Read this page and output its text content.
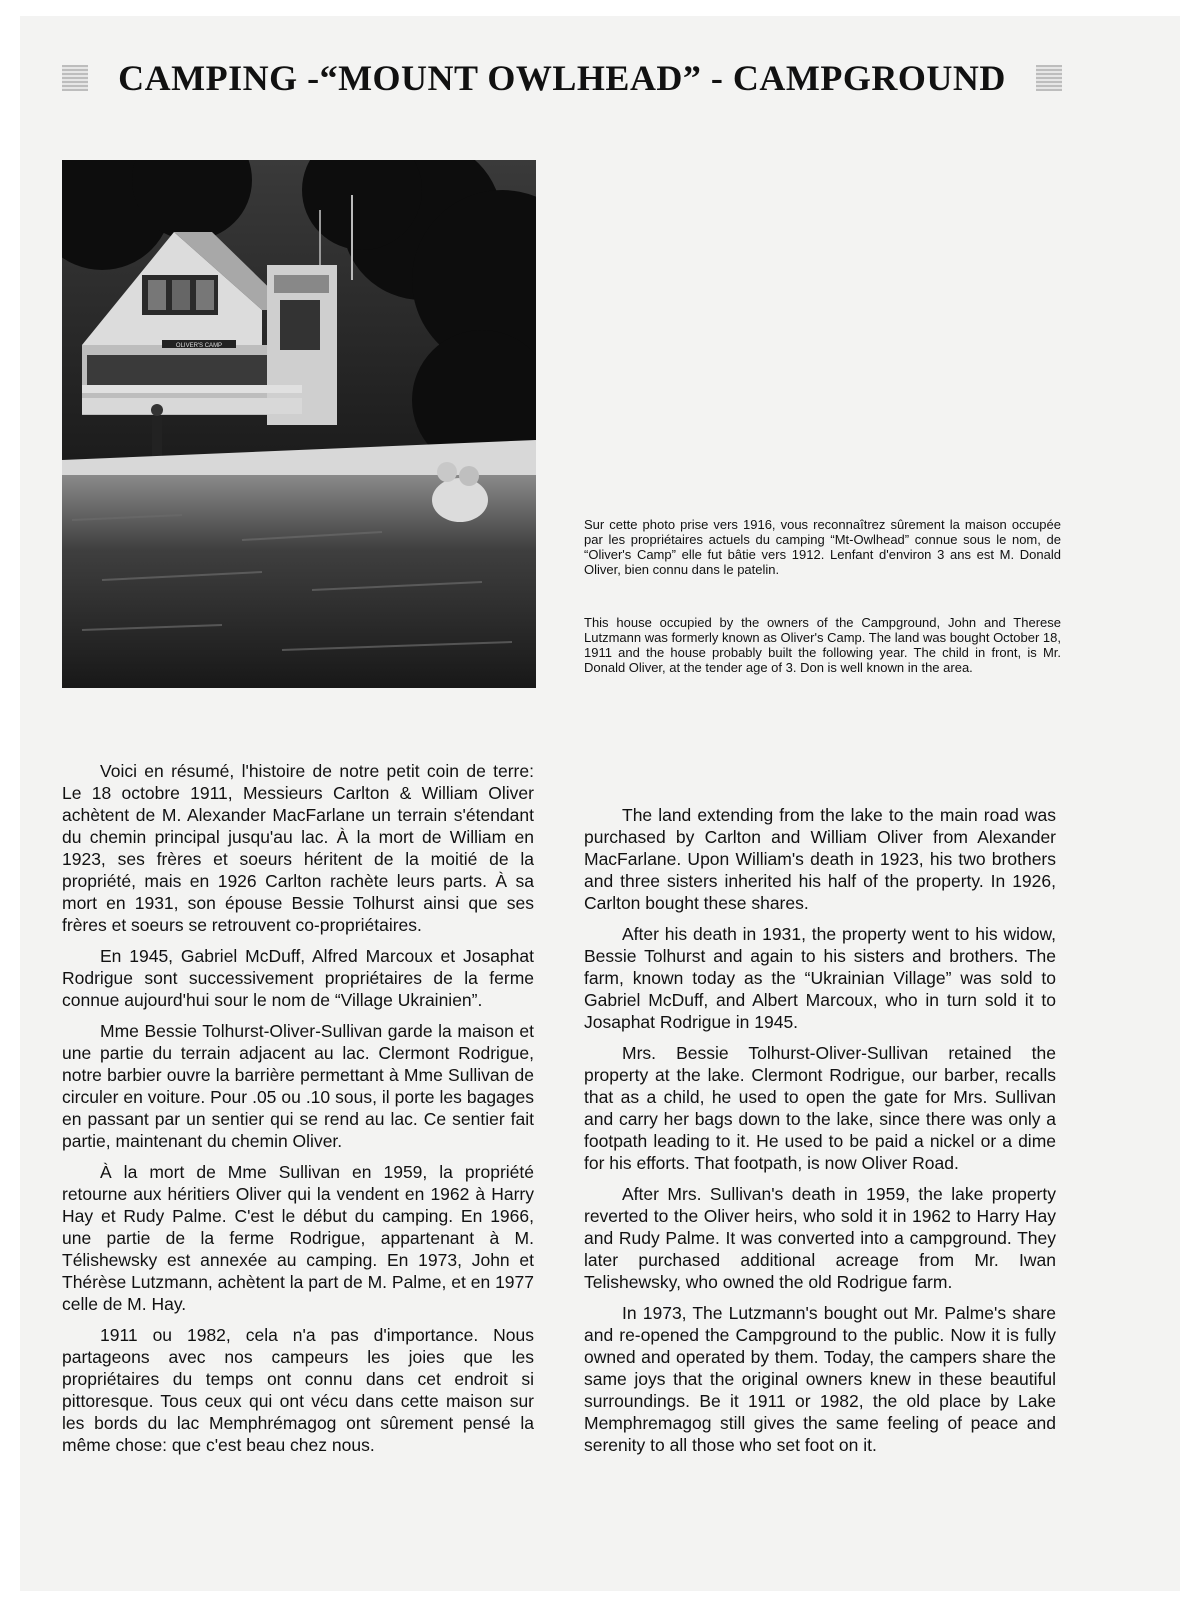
CAMPING -“MOUNT OWLHEAD” - CAMPGROUND
OLIVER'S CAMP
Sur cette photo prise vers 1916, vous reconnaîtrez sûrement la maison occupée par les propriétaires actuels du camping “Mt-Owlhead” connue sous le nom, de “Oliver's Camp” elle fut bâtie vers 1912. Lenfant d'environ 3 ans est M. Donald Oliver, bien connu dans le patelin.
This house occupied by the owners of the Campground, John and Therese Lutzmann was formerly known as Oliver's Camp. The land was bought October 18, 1911 and the house probably built the following year. The child in front, is Mr. Donald Oliver, at the tender age of 3. Don is well known in the area.

Voici en résumé, l'histoire de notre petit coin de terre: Le 18 octobre 1911, Messieurs Carlton & William Oliver achètent de M. Alexander MacFarlane un terrain s'étendant du chemin principal jusqu'au lac. À la mort de William en 1923, ses frères et soeurs héritent de la moitié de la propriété, mais en 1926 Carlton rachète leurs parts. À sa mort en 1931, son épouse Bessie Tolhurst ainsi que ses frères et soeurs se retrouvent co-propriétaires.

En 1945, Gabriel McDuff, Alfred Marcoux et Josaphat Rodrigue sont successivement propriétaires de la ferme connue aujourd'hui sour le nom de “Village Ukrainien”.

Mme Bessie Tolhurst-Oliver-Sullivan garde la maison et une partie du terrain adjacent au lac. Clermont Rodrigue, notre barbier ouvre la barrière permettant à Mme Sullivan de circuler en voiture. Pour .05 ou .10 sous, il porte les bagages en passant par un sentier qui se rend au lac. Ce sentier fait partie, maintenant du chemin Oliver.

À la mort de Mme Sullivan en 1959, la propriété retourne aux héritiers Oliver qui la vendent en 1962 à Harry Hay et Rudy Palme. C'est le début du camping. En 1966, une partie de la ferme Rodrigue, appartenant à M. Télishewsky est annexée au camping. En 1973, John et Thérèse Lutzmann, achètent la part de M. Palme, et en 1977 celle de M. Hay.

1911 ou 1982, cela n'a pas d'importance. Nous partageons avec nos campeurs les joies que les propriétaires du temps ont connu dans cet endroit si pittoresque. Tous ceux qui ont vécu dans cette maison sur les bords du lac Memphrémagog ont sûrement pensé la même chose: que c'est beau chez nous.

The land extending from the lake to the main road was purchased by Carlton and William Oliver from Alexander MacFarlane. Upon William's death in 1923, his two brothers and three sisters inherited his half of the property. In 1926, Carlton bought these shares.

After his death in 1931, the property went to his widow, Bessie Tolhurst and again to his sisters and brothers. The farm, known today as the “Ukrainian Village” was sold to Gabriel McDuff, and Albert Marcoux, who in turn sold it to Josaphat Rodrigue in 1945.

Mrs. Bessie Tolhurst-Oliver-Sullivan retained the property at the lake. Clermont Rodrigue, our barber, recalls that as a child, he used to open the gate for Mrs. Sullivan and carry her bags down to the lake, since there was only a footpath leading to it. He used to be paid a nickel or a dime for his efforts. That footpath, is now Oliver Road.

After Mrs. Sullivan's death in 1959, the lake property reverted to the Oliver heirs, who sold it in 1962 to Harry Hay and Rudy Palme. It was converted into a campground. They later purchased additional acreage from Mr. Iwan Telishewsky, who owned the old Rodrigue farm.

In 1973, The Lutzmann's bought out Mr. Palme's share and re-opened the Campground to the public. Now it is fully owned and operated by them. Today, the campers share the same joys that the original owners knew in these beautiful surroundings. Be it 1911 or 1982, the old place by Lake Memphremagog still gives the same feeling of peace and serenity to all those who set foot on it.
